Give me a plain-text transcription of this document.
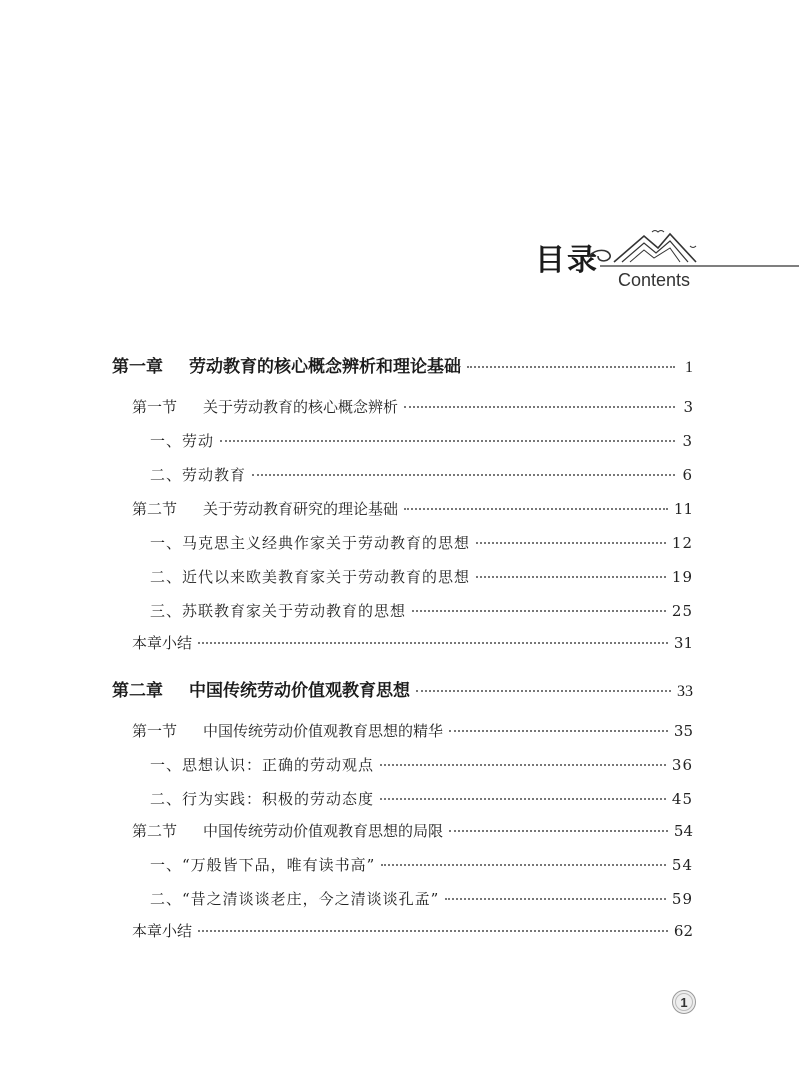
目录
Contents
第一章 劳动教育的核心概念辨析和理论基础	1
第一节 关于劳动教育的核心概念辨析	3
一、劳动	3
二、劳动教育	6
第二节 关于劳动教育研究的理论基础	11
一、马克思主义经典作家关于劳动教育的思想	12
二、近代以来欧美教育家关于劳动教育的思想	19
三、苏联教育家关于劳动教育的思想	25
本章小结	31
第二章 中国传统劳动价值观教育思想	33
第一节 中国传统劳动价值观教育思想的精华	35
一、思想认识：正确的劳动观点	36
二、行为实践：积极的劳动态度	45
第二节 中国传统劳动价值观教育思想的局限	54
一、“万般皆下品，唯有读书高”	54
二、“昔之清谈谈老庄，今之清谈谈孔孟”	59
本章小结	62
1
